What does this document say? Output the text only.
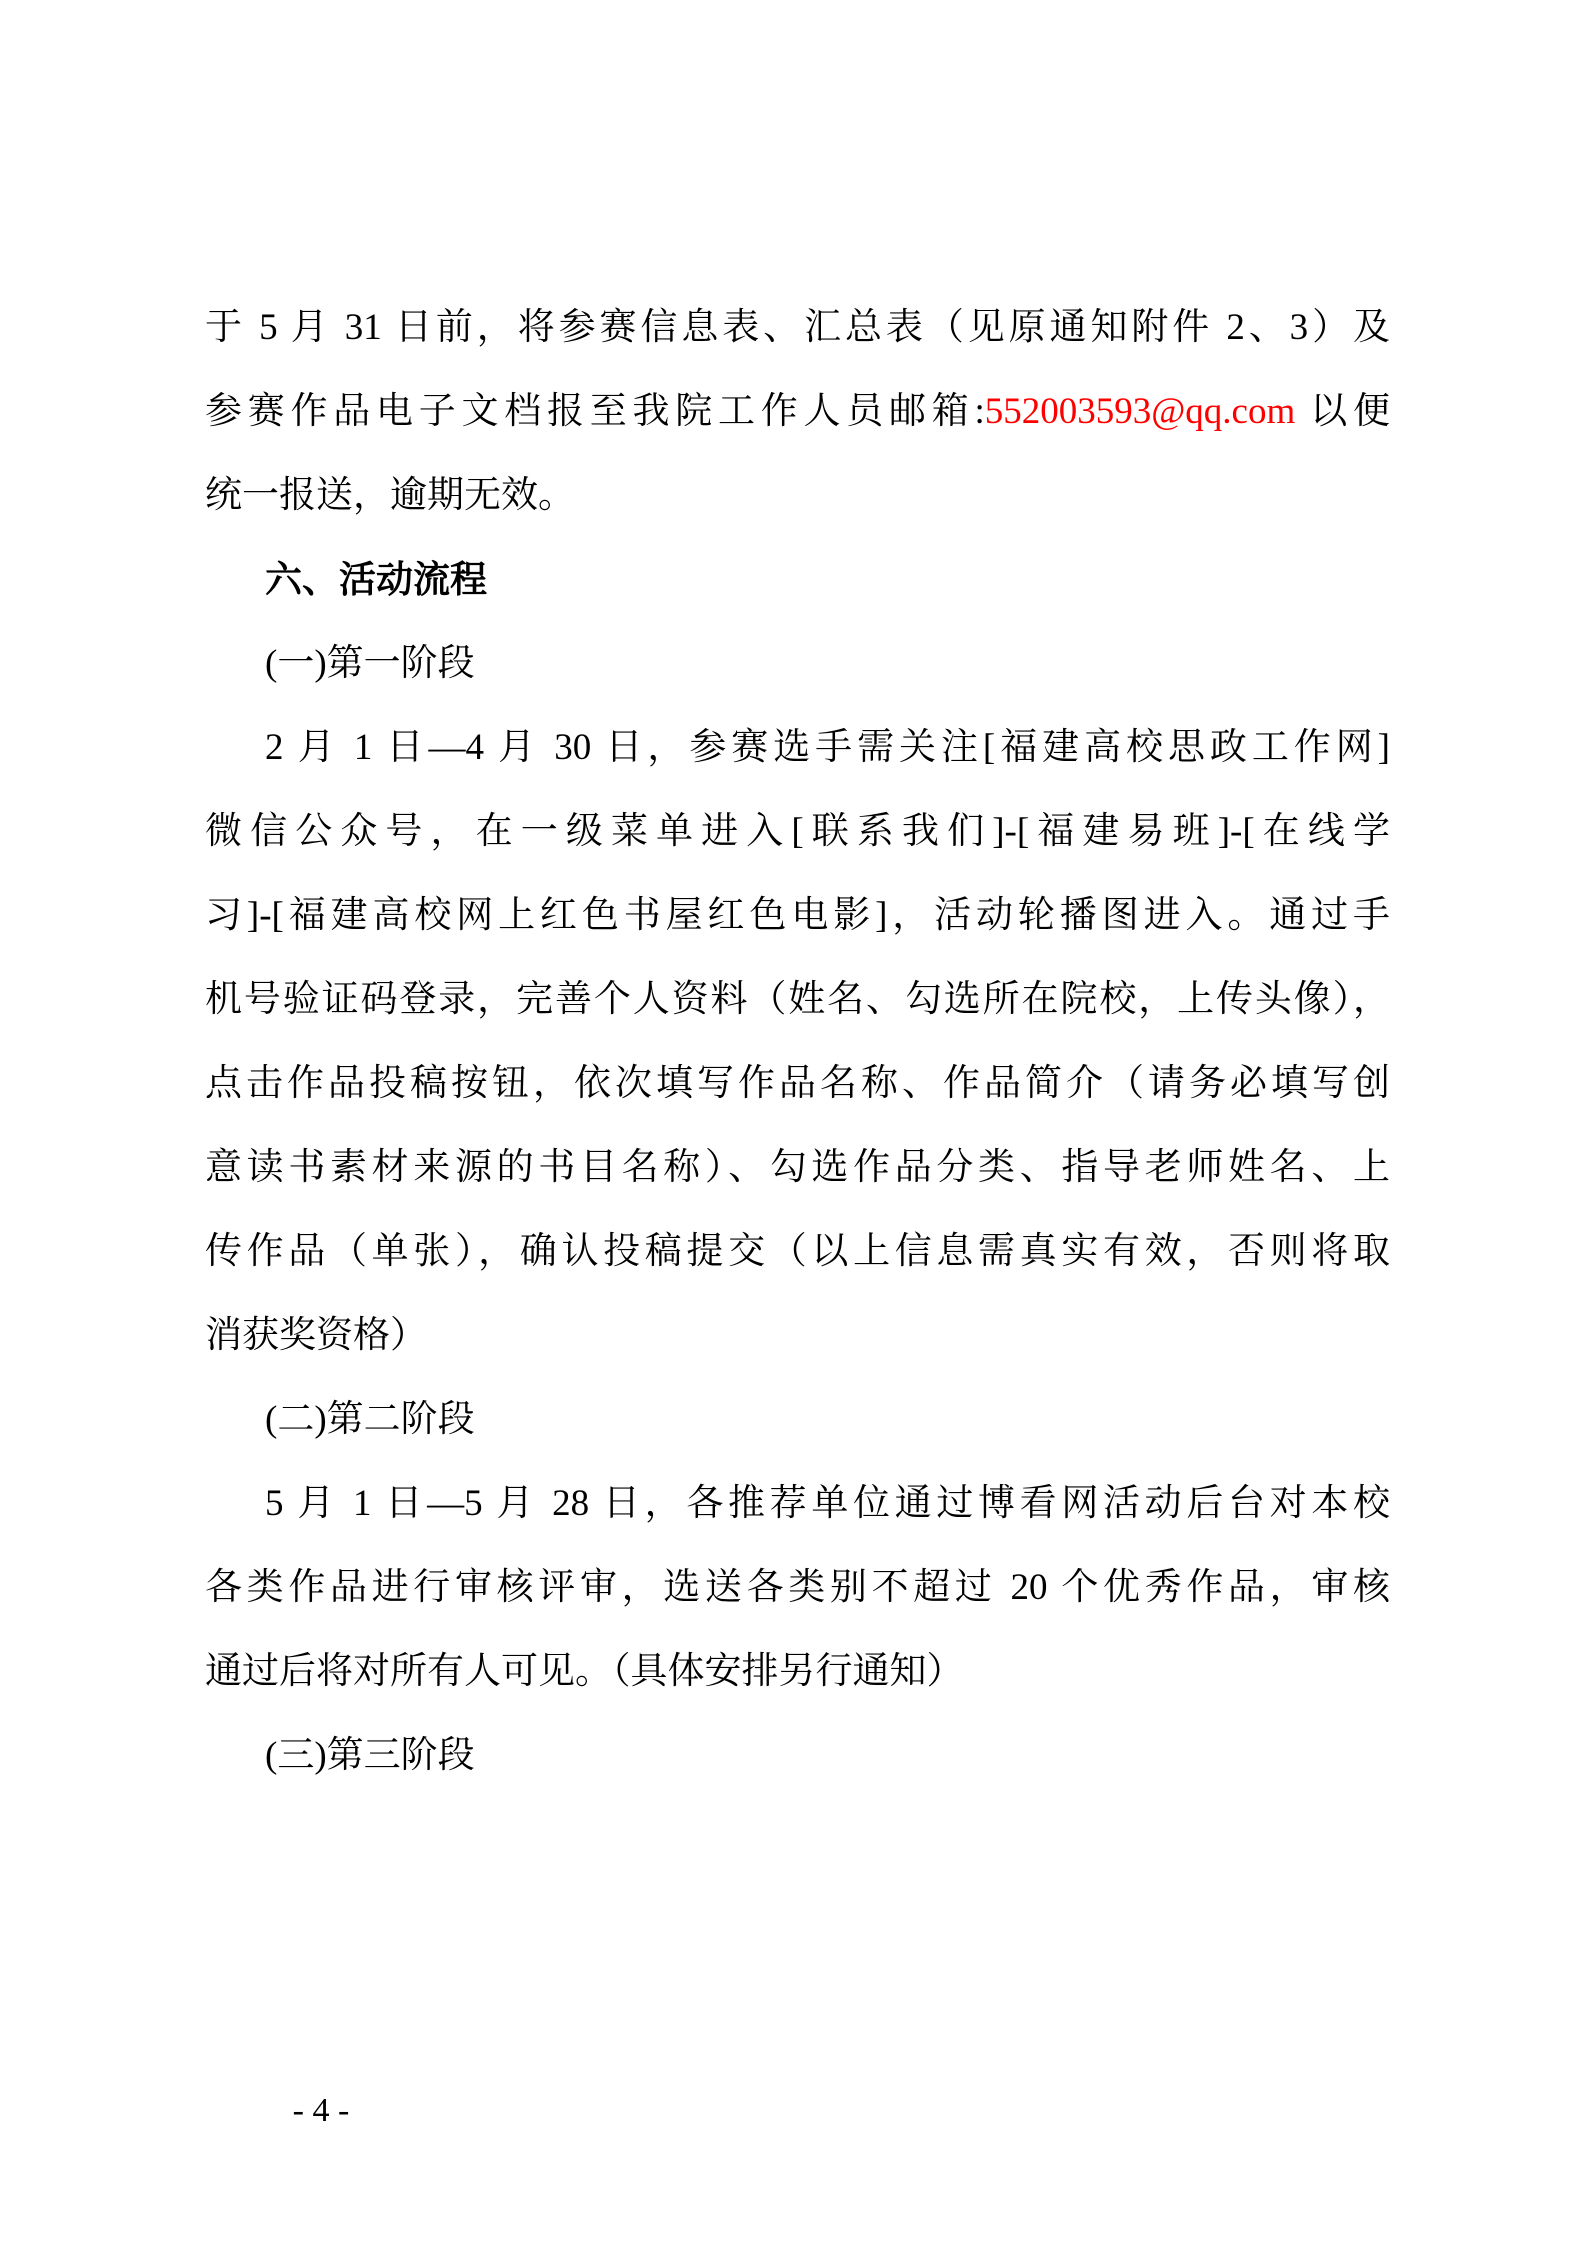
于 5 月 31 日前，将参赛信息表、汇总表（见原通知附件 2、3）及
参赛作品电子文档报至我院工作人员邮箱:552003593@qq.com 以便
统一报送，逾期无效。
六、活动流程
(一)第一阶段
2 月 1 日—4 月 30 日，参赛选手需关注[福建高校思政工作网]
微信公众号，在一级菜单进入[联系我们]-[福建易班]-[在线学
习]-[福建高校网上红色书屋红色电影]，活动轮播图进入。通过手
机号验证码登录，完善个人资料（姓名、勾选所在院校，上传头像），
点击作品投稿按钮，依次填写作品名称、作品简介（请务必填写创
意读书素材来源的书目名称）、勾选作品分类、指导老师姓名、上
传作品（单张），确认投稿提交（以上信息需真实有效，否则将取
消获奖资格）
(二)第二阶段
5 月 1 日—5 月 28 日，各推荐单位通过博看网活动后台对本校
各类作品进行审核评审，选送各类别不超过 20 个优秀作品，审核
通过后将对所有人可见。（具体安排另行通知）
(三)第三阶段
- 4 -
